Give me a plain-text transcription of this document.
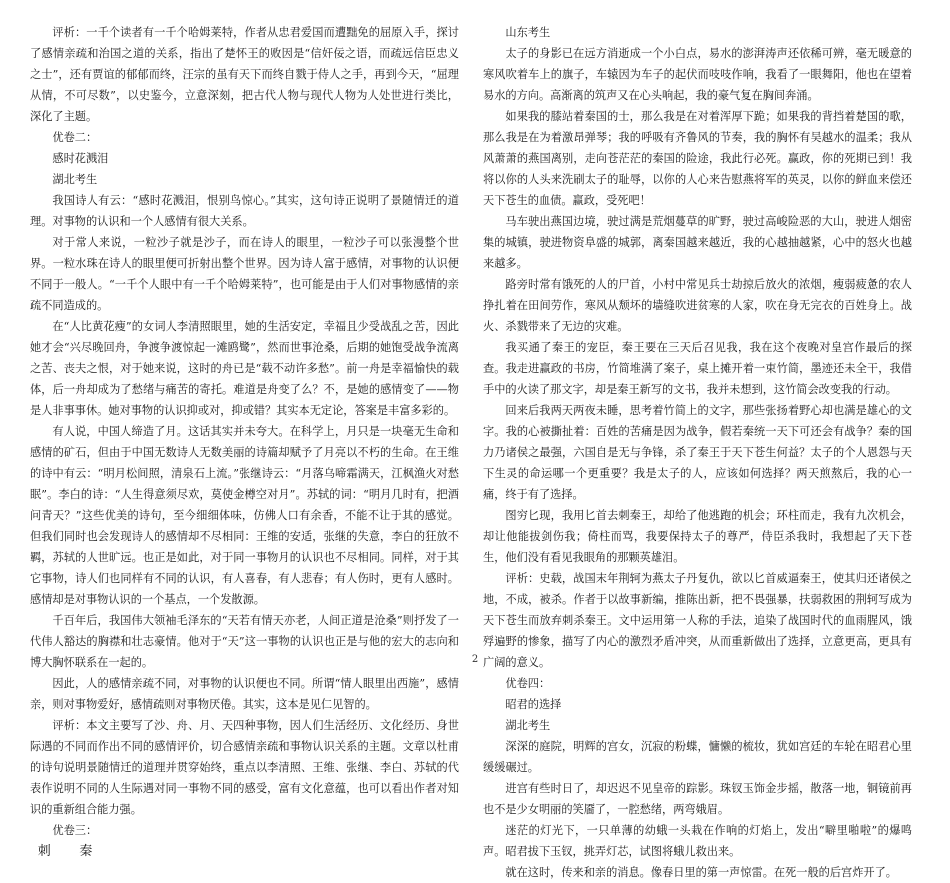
评析：一千个读者有一千个哈姆莱特，作者从忠君爱国而遭黜免的屈原入手，探讨了感情亲疏和治国之道的关系，指出了楚怀王的败因是“信奸佞之语，而疏远信臣忠义之士”，还有贾谊的郁郁而终，汪宗的虽有天下而终自戮于侍人之手，再到今天，“屈理从情，不可尽数”，以史鉴今，立意深刻，把古代人物与现代人物为人处世进行类比，深化了主题。

优卷二：

感时花溅泪

湖北考生

我国诗人有云：“感时花溅泪，恨别鸟惊心。”其实，这句诗正说明了景随情迁的道理。对事物的认识和一个人感情有很大关系。

对于常人来说，一粒沙子就是沙子，而在诗人的眼里，一粒沙子可以张漫整个世界。一粒水珠在诗人的眼里便可折射出整个世界。因为诗人富于感情，对事物的认识便不同于一般人。“一千个人眼中有一千个哈姆莱特”，也可能是由于人们对事物感情的亲疏不同造成的。

在“人比黄花瘦”的女词人李清照眼里，她的生活安定，幸福且少受战乱之苦，因此她才会“兴尽晚回舟，争渡争渡惊起一滩鸥鹭”，然而世事沧桑，后期的她饱受战争流离之苦、丧夫之恨，对于她来说，这时的舟已是“载不动许多愁”。前一舟是幸福愉快的载体，后一舟却成为了愁绪与痛苦的寄托。难道是舟变了么？不，是她的感情变了——物是人非事事休。她对事物的认识抑或对，抑或错？其实本无定论，答案是丰富多彩的。

有人说，中国人缔造了月。这话其实并未夸大。在科学上，月只是一块毫无生命和感情的矿石，但由于中国无数诗人无数美丽的诗篇却赋予了月亮以不朽的生命。在王维的诗中有云：“明月松间照，清泉石上流。”张继诗云：“月落乌啼霜满天，江枫渔火对愁眠”。李白的诗：“人生得意须尽欢，莫使金樽空对月”。苏轼的词：“明月几时有，把酒问青天？”这些优美的诗句，至今细细体味，仿佛人口有余香，不能不让于其的感觉。但我们同时也会发现诗人的感情却不尽相同：王维的安适，张继的失意，李白的狂放不羁，苏轼的人世旷远。也正是如此，对于同一事物月的认识也不尽相同。同样，对于其它事物，诗人们也同样有不同的认识，有人喜春，有人悲春；有人伤时，更有人感时。感情却是对事物认识的一个基点，一个发散源。

千百年后，我国伟大领袖毛泽东的“天若有情天亦老，人间正道是沧桑”则抒发了一代伟人豁达的胸襟和壮志豪情。他对于“天”这一事物的认识也正是与他的宏大的志向和博大胸怀联系在一起的。

因此，人的感情亲疏不同，对事物的认识便也不同。所谓“情人眼里出西施”，感情亲，则对事物爱好，感情疏则对事物厌倦。其实，这本是见仁见智的。

评析：本文主要写了沙、舟、月、天四种事物，因人们生活经历、文化经历、身世际遇的不同而作出不同的感情评价，切合感情亲疏和事物认识关系的主题。文章以杜甫的诗句说明景随情迁的道理并贯穿始终，重点以李清照、王维、张继、李白、苏轼的代表作说明不同的人生际遇对同一事物不同的感受，富有文化意蕴，也可以看出作者对知识的重新组合能力强。

优卷三：

刺秦

山东考生

太子的身影已在远方消逝成一个小白点，易水的澎湃涛声还依稀可辨，毫无暖意的寒风吹着车上的旗子，车辕因为车子的起伏而吱吱作响，我看了一眼舞阳，他也在望着易水的方向。高渐离的筑声又在心头响起，我的豪气复在胸间奔涌。

如果我的膝站着秦国的士，那么我是在对着浑厚下跪；如果我的背挡着楚国的歌，那么我是在为着激昂弹琴；我的呼吸有齐鲁风的节奏，我的胸怀有吴越水的温柔；我从风萧萧的燕国离别，走向苍茫茫的秦国的险途，我此行必死。赢政，你的死期已到！我将以你的人头来洗刷太子的耻辱，以你的人心来告慰燕将军的英灵，以你的鲜血来偿还天下苍生的血债。赢政，受死吧！

马车驶出燕国边境，驶过满是荒烟蔓草的旷野，驶过高峻险恶的大山，驶进人烟密集的城镇，驶进物资阜盛的城郭，离秦国越来越近，我的心越抽越紧，心中的怒火也越来越多。

路旁时常有饿死的人的尸首，小村中常见兵士劫掠后放火的浓烟，瘦弱疲惫的农人挣扎着在田间劳作，寒风从颓坏的墙缝吹进贫寒的人家，吹在身无完衣的百姓身上。战火、杀戮带来了无边的灾难。

我买通了秦王的宠臣，秦王要在三天后召见我，我在这个夜晚对皇宫作最后的探查。我走进赢政的书房，竹简堆满了案子，桌上摊开着一束竹简，墨迹还未全干，我借手中的火读了那文字，却是秦王新写的文书，我并未想到，这竹简会改变我的行动。

回来后我两天两夜未睡，思考着竹简上的文字，那些张扬着野心却也满是雄心的文字。我的心被撕扯着：百姓的苦痛是因为战争，假若秦统一天下可还会有战争？秦的国力乃诸侯之最强，六国自是无与争锋，杀了秦王于天下苍生何益？太子的个人恩怨与天下生灵的命运哪一个更重要？我是太子的人，应该如何选择？两天煎熬后，我的心一痛，终于有了选择。

图穷匕现，我用匕首去刺秦王，却给了他逃跑的机会；环柱而走，我有九次机会，却让他能拔剑伤我；倚柱而骂，我要保持太子的尊严，侍臣杀我时，我想起了天下苍生，他们没有看见我眼角的那颗英雄泪。

评析：史载，战国末年荆轲为燕太子丹复仇，欲以匕首威逼秦王，使其归还诸侯之地，不成，被杀。作者于以故事新编，推陈出新，把不畏强暴，扶弱救困的荆轲写成为天下苍生而放弃刺杀秦王。文中运用第一人称的手法，追染了战国时代的血雨腥风，饿殍遍野的惨象，描写了内心的激烈矛盾冲突，从而重新做出了选择，立意更高，更具有广阔的意义。

优卷四：

昭君的选择

湖北考生

深深的庭院，明辉的宫女，沉寂的粉蝶，慵懒的梳妆，犹如宫廷的车轮在昭君心里缓缓碾过。

进宫有些时日了，却迟迟不见皇帝的踪影。珠钗玉饰金步摇，散落一地，铜镜前再也不是少女明丽的笑靥了，一腔愁绪，两弯娥眉。

迷茫的灯光下，一只单薄的幼蛾一头栽在作响的灯焰上，发出“噼里啪啦”的爆鸣声。昭君拔下玉钗，挑弄灯芯，试图将蛾儿救出来。

就在这时，传来和亲的消息。像春日里的第一声惊雷。在死一般的后宫炸开了。

2
